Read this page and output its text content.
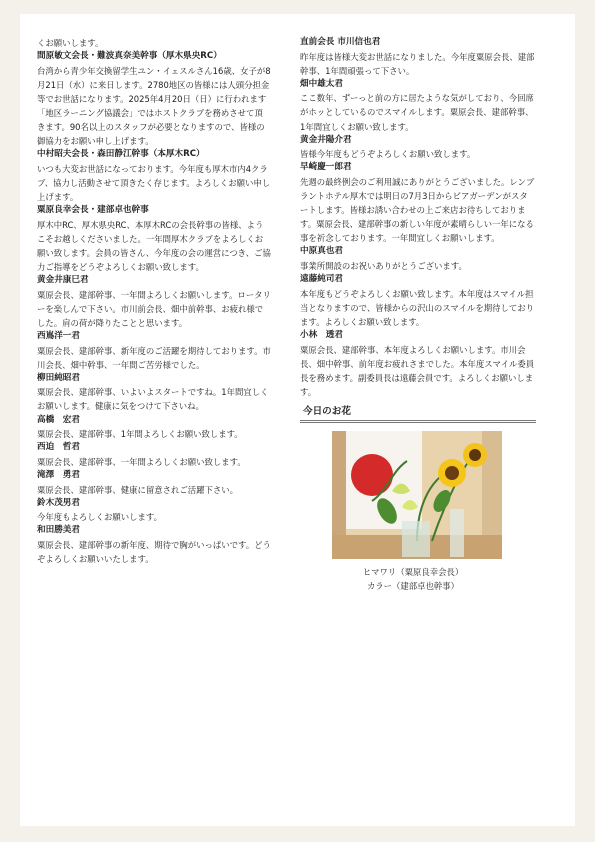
くお願いします。
間原敏文会長・難波真奈美幹事（厚木県央RC）
台湾から青少年交換留学生ユン・イェスルさん16歳、女子が8月21日（水）に来日します。2780地区の皆様には人頭分担金等でお世話になります。2025年4月20日（日）に行われます「地区ラーニング協議会」ではホストクラブを務めさせて頂きます。90名以上のスタッフが必要となりますので、皆様の御協力をお願い申し上げます。
中村昭夫会長・森田静江幹事（本厚木RC）
いつも大変お世話になっております。今年度も厚木市内4クラブ、協力し活動させて頂きたく存じます。よろしくお願い申し上げます。
粟原良幸会長・建部卓也幹事
厚木中RC、厚木県央RC、本厚木RCの会長幹事の皆様、ようこそお越しくださいました。一年間厚木クラブをよろしくお願い致します。会員の皆さん、今年度の会の運営につき、ご協力ご指導をどうぞよろしくお願い致します。
黄金井康巳君
粟原会長、建部幹事、一年間よろしくお願いします。ロータリーを楽しんで下さい。市川前会長、畑中前幹事、お疲れ様でした。肩の荷が降りたことと思います。
西嶌洋一君
粟原会長、建部幹事、新年度のご活躍を期待しております。市川会長、畑中幹事、一年間ご苦労様でした。
柳田純昭君
粟原会長、建部幹事、いよいよスタートですね。1年間宜しくお願いします。健康に気をつけて下さいね。
高橋　宏君
粟原会長、建部幹事、1年間よろしくお願い致します。
西迫　哲君
粟原会長、建部幹事、一年間よろしくお願い致します。
滝澤　勇君
粟原会長、建部幹事、健康に留意されご活躍下さい。
鈴木茂男君
今年度もよろしくお願いします。
和田勝美君
粟原会長、建部幹事の新年度、期待で胸がいっぱいです。どうぞよろしくお願いいたします。
直前会長 市川信也君
昨年度は皆様大変お世話になりました。今年度粟原会長、建部幹事、1年間頑張って下さい。
畑中雄太君
ここ数年、ずーっと前の方に居たような気がしており、今回席がホッとしているのでスマイルします。粟原会長、建部幹事、1年間宜しくお願い致します。
黄金井陽介君
皆様今年度もどうぞよろしくお願い致します。
早崎慶一郎君
先週の最終例会のご利用誠にありがとうございました。レンブラントホテル厚木では明日の7月3日からビアガーデンがスタートします。皆様お誘い合わせの上ご来店お待ちしております。粟原会長、建部幹事の新しい年度が素晴らしい一年になる事を祈念しております。一年間宜しくお願いします。
中原真也君
事業所開設のお祝いありがとうございます。
遠藤純司君
本年度もどうぞよろしくお願い致します。本年度はスマイル担当となりますので、皆様からの沢山のスマイルを期待しております。よろしくお願い致します。
小林　透君
粟原会長、建部幹事、本年度よろしくお願いします。市川会長、畑中幹事、前年度お疲れさまでした。本年度スマイル委員長を務めます。副委員長は遠藤会員です。よろしくお願いします。
今日のお花
ヒマワリ（粟原良幸会長）
カラー（建部卓也幹事）
